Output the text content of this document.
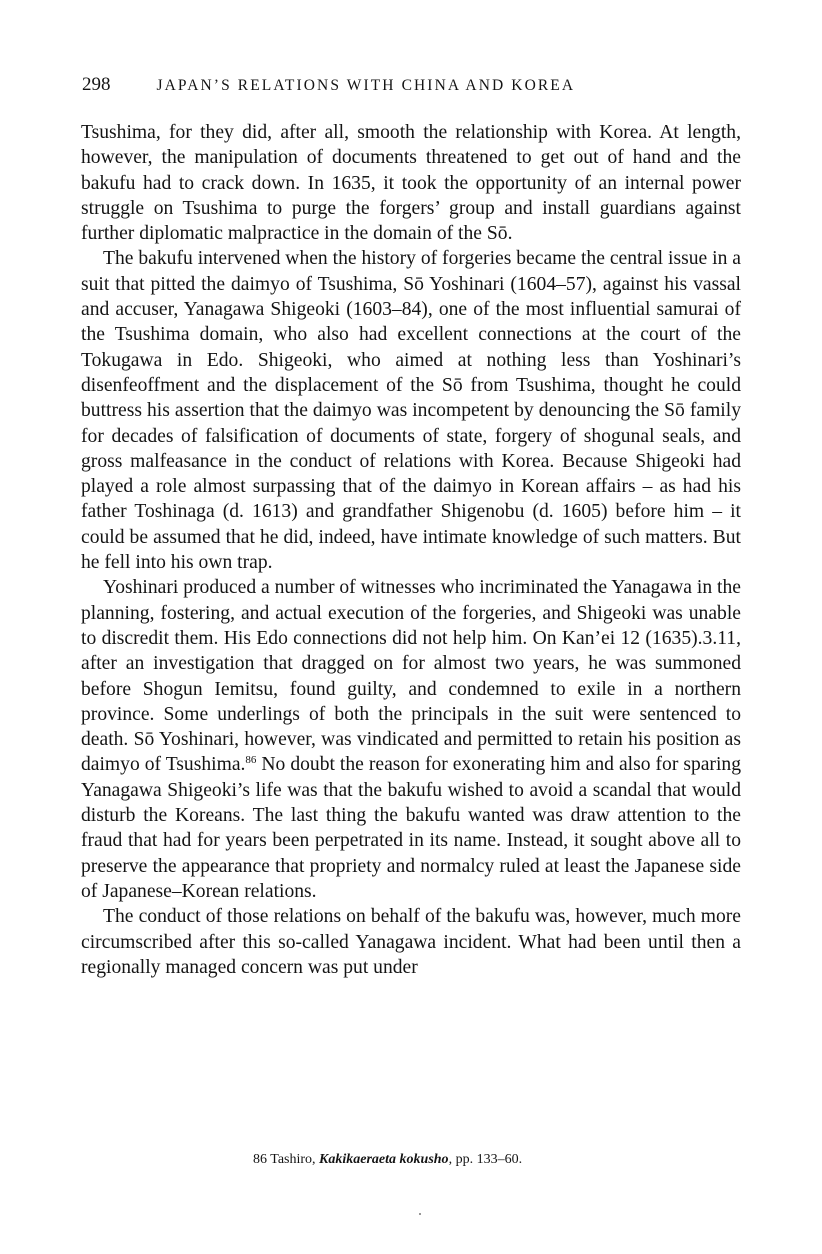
298	JAPAN’S RELATIONS WITH CHINA AND KOREA

Tsushima, for they did, after all, smooth the relationship with Korea. At length, however, the manipulation of documents threatened to get out of hand and the bakufu had to crack down. In 1635, it took the opportunity of an internal power struggle on Tsushima to purge the forgers’ group and install guardians against further diplomatic malpractice in the domain of the Sō.

The bakufu intervened when the history of forgeries became the central issue in a suit that pitted the daimyo of Tsushima, Sō Yoshinari (1604–57), against his vassal and accuser, Yanagawa Shigeoki (1603–84), one of the most influential samurai of the Tsushima domain, who also had excellent connections at the court of the Tokugawa in Edo. Shigeoki, who aimed at nothing less than Yoshinari’s disenfeoffment and the displacement of the Sō from Tsushima, thought he could buttress his assertion that the daimyo was incompetent by denouncing the Sō family for decades of falsification of documents of state, forgery of shogunal seals, and gross malfeasance in the conduct of relations with Korea. Because Shigeoki had played a role almost surpassing that of the daimyo in Korean affairs – as had his father Toshinaga (d. 1613) and grandfather Shigenobu (d. 1605) before him – it could be assumed that he did, indeed, have intimate knowledge of such matters. But he fell into his own trap.

Yoshinari produced a number of witnesses who incriminated the Yanagawa in the planning, fostering, and actual execution of the forgeries, and Shigeoki was unable to discredit them. His Edo connections did not help him. On Kan’ei 12 (1635).3.11, after an investigation that dragged on for almost two years, he was summoned before Shogun Iemitsu, found guilty, and condemned to exile in a northern province. Some underlings of both the principals in the suit were sentenced to death. Sō Yoshinari, however, was vindicated and permitted to retain his position as daimyo of Tsushima.$^{86}$ No doubt the reason for exonerating him and also for sparing Yanagawa Shigeoki’s life was that the bakufu wished to avoid a scandal that would disturb the Koreans. The last thing the bakufu wanted was draw attention to the fraud that had for years been perpetrated in its name. Instead, it sought above all to preserve the appearance that propriety and normalcy ruled at least the Japanese side of Japanese–Korean relations.

The conduct of those relations on behalf of the bakufu was, however, much more circumscribed after this so-called Yanagawa incident. What had been until then a regionally managed concern was put under

86 Tashiro, Kakikaeraeta kokusho, pp. 133–60.
